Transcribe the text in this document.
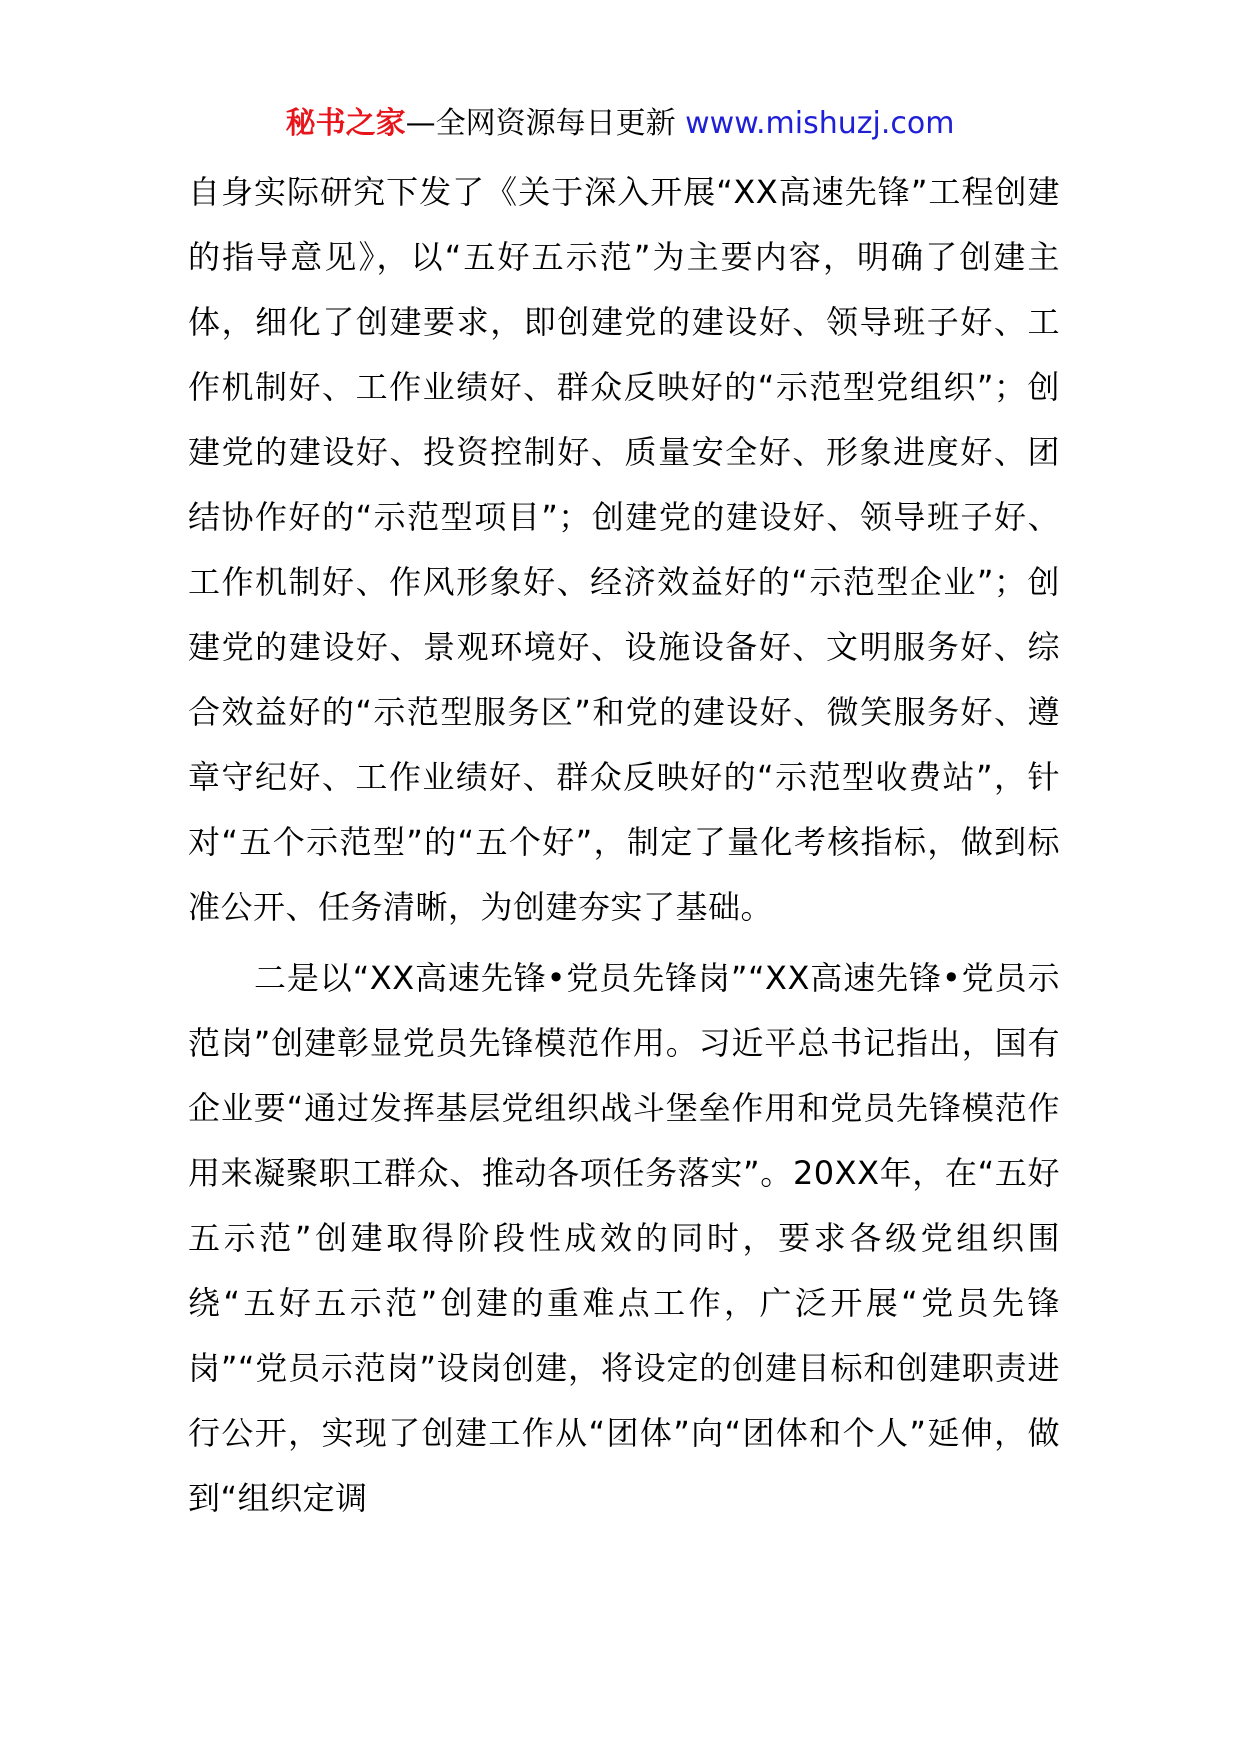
秘书之家—全网资源每日更新 www.mishuzj.com

自身实际研究下发了《关于深入开展“XX高速先锋”工程创建的指导意见》，以“五好五示范”为主要内容，明确了创建主体，细化了创建要求，即创建党的建设好、领导班子好、工作机制好、工作业绩好、群众反映好的“示范型党组织”；创建党的建设好、投资控制好、质量安全好、形象进度好、团结协作好的“示范型项目”；创建党的建设好、领导班子好、工作机制好、作风形象好、经济效益好的“示范型企业”；创建党的建设好、景观环境好、设施设备好、文明服务好、综合效益好的“示范型服务区”和党的建设好、微笑服务好、遵章守纪好、工作业绩好、群众反映好的“示范型收费站”，针对“五个示范型”的“五个好”，制定了量化考核指标，做到标准公开、任务清晰，为创建夯实了基础。

二是以“XX高速先锋•党员先锋岗”“XX高速先锋•党员示范岗”创建彰显党员先锋模范作用。习近平总书记指出，国有企业要“通过发挥基层党组织战斗堡垒作用和党员先锋模范作用来凝聚职工群众、推动各项任务落实”。20XX年，在“五好五示范”创建取得阶段性成效的同时，要求各级党组织围绕“五好五示范”创建的重难点工作，广泛开展“党员先锋岗”“党员示范岗”设岗创建，将设定的创建目标和创建职责进行公开，实现了创建工作从“团体”向“团体和个人”延伸，做到“组织定调
